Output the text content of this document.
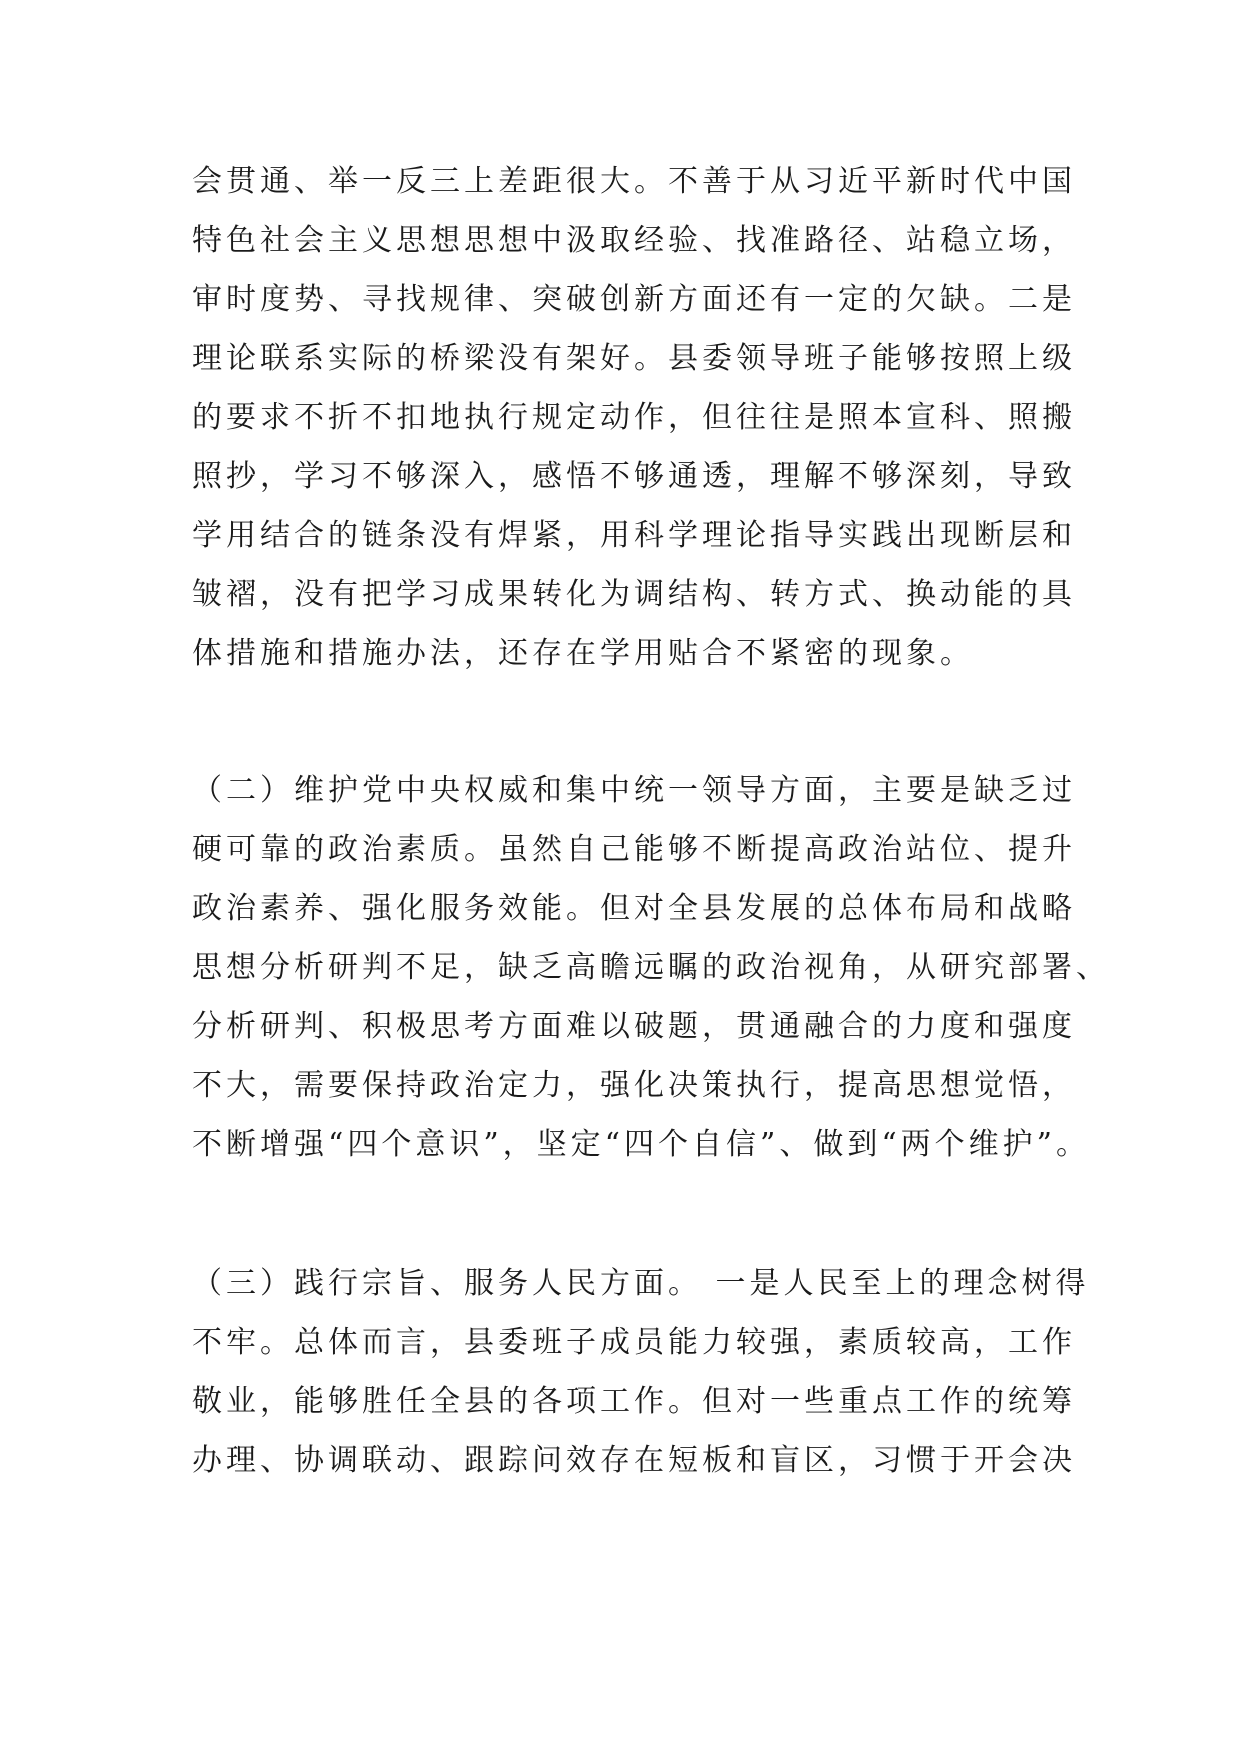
会贯通、举一反三上差距很大。不善于从习近平新时代中国

特色社会主义思想思想中汲取经验、找准路径、站稳立场，

审时度势、寻找规律、突破创新方面还有一定的欠缺。二是

理论联系实际的桥梁没有架好。县委领导班子能够按照上级

的要求不折不扣地执行规定动作，但往往是照本宣科、照搬

照抄，学习不够深入，感悟不够通透，理解不够深刻，导致

学用结合的链条没有焊紧，用科学理论指导实践出现断层和

皱褶，没有把学习成果转化为调结构、转方式、换动能的具

体措施和措施办法，还存在学用贴合不紧密的现象。

（二）维护党中央权威和集中统一领导方面，主要是缺乏过

硬可靠的政治素质。虽然自己能够不断提高政治站位、提升

政治素养、强化服务效能。但对全县发展的总体布局和战略

思想分析研判不足，缺乏高瞻远瞩的政治视角，从研究部署、

分析研判、积极思考方面难以破题，贯通融合的力度和强度

不大，需要保持政治定力，强化决策执行，提高思想觉悟，

不断增强“四个意识”，坚定“四个自信”、做到“两个维护”。

（三）践行宗旨、服务人民方面。 一是人民至上的理念树得

不牢。总体而言，县委班子成员能力较强，素质较高，工作

敬业，能够胜任全县的各项工作。但对一些重点工作的统筹

办理、协调联动、跟踪问效存在短板和盲区，习惯于开会决
